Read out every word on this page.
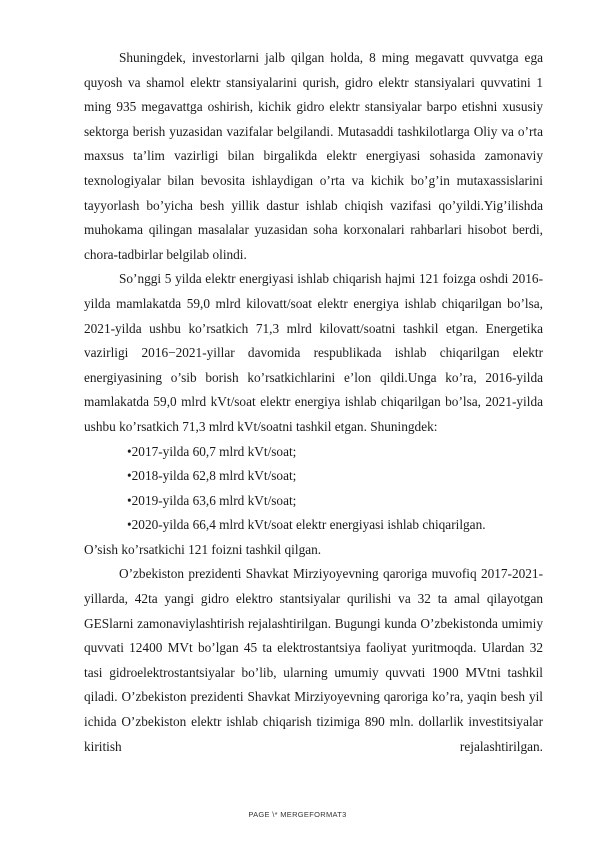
Shuningdek, investorlarni jalb qilgan holda, 8 ming megavatt quvvatga ega quyosh va shamol elektr stansiyalarini qurish, gidro elektr stansiyalari quvvatini 1 ming 935 megavattga oshirish, kichik gidro elektr stansiyalar barpo etishni xususiy sektorga berish yuzasidan vazifalar belgilandi. Mutasaddi tashkilotlarga Oliy va o’rta maxsus ta’lim vazirligi bilan birgalikda elektr energiyasi sohasida zamonaviy texnologiyalar bilan bevosita ishlaydigan o’rta va kichik bo’g’in mutaxassislarini tayyorlash bo’yicha besh yillik dastur ishlab chiqish vazifasi qo’yildi.Yig’ilishda muhokama qilingan masalalar yuzasidan soha korxonalari rahbarlari hisobot berdi, chora-tadbirlar belgilab olindi.

So’nggi 5 yilda elektr energiyasi ishlab chiqarish hajmi 121 foizga oshdi 2016-yilda mamlakatda 59,0 mlrd kilovatt/soat elektr energiya ishlab chiqarilgan bo’lsa, 2021-yilda ushbu ko’rsatkich 71,3 mlrd kilovatt/soatni tashkil etgan. Energetika vazirligi 2016−2021-yillar davomida respublikada ishlab chiqarilgan elektr energiyasining o’sib borish ko’rsatkichlarini e’lon qildi.Unga ko’ra, 2016-yilda mamlakatda 59,0 mlrd kVt/soat elektr energiya ishlab chiqarilgan bo’lsa, 2021-yilda ushbu ko’rsatkich 71,3 mlrd kVt/soatni tashkil etgan. Shuningdek:

•2017-yilda 60,7 mlrd kVt/soat;

•2018-yilda 62,8 mlrd kVt/soat;

•2019-yilda 63,6 mlrd kVt/soat;

•2020-yilda 66,4 mlrd kVt/soat elektr energiyasi ishlab chiqarilgan.

O’sish ko’rsatkichi 121 foizni tashkil qilgan.

O’zbekiston prezidenti Shavkat Mirziyoyevning qaroriga muvofiq 2017-2021-yillarda, 42ta yangi gidro elektro stantsiyalar qurilishi va 32 ta amal qilayotgan GESlarni zamonaviylashtirish rejalashtirilgan. Bugungi kunda O’zbekistonda umimiy quvvati 12400 MVt bo’lgan 45 ta elektrostantsiya faoliyat yuritmoqda. Ulardan 32 tasi gidroelektrostantsiyalar bo’lib, ularning umumiy quvvati 1900 MVtni tashkil qiladi. O’zbekiston prezidenti Shavkat Mirziyoyevning qaroriga ko’ra, yaqin besh yil ichida O’zbekiston elektr ishlab chiqarish tizimiga 890 mln. dollarlik investitsiyalar kiritish rejalashtirilgan.

PAGE \* MERGEFORMAT3
